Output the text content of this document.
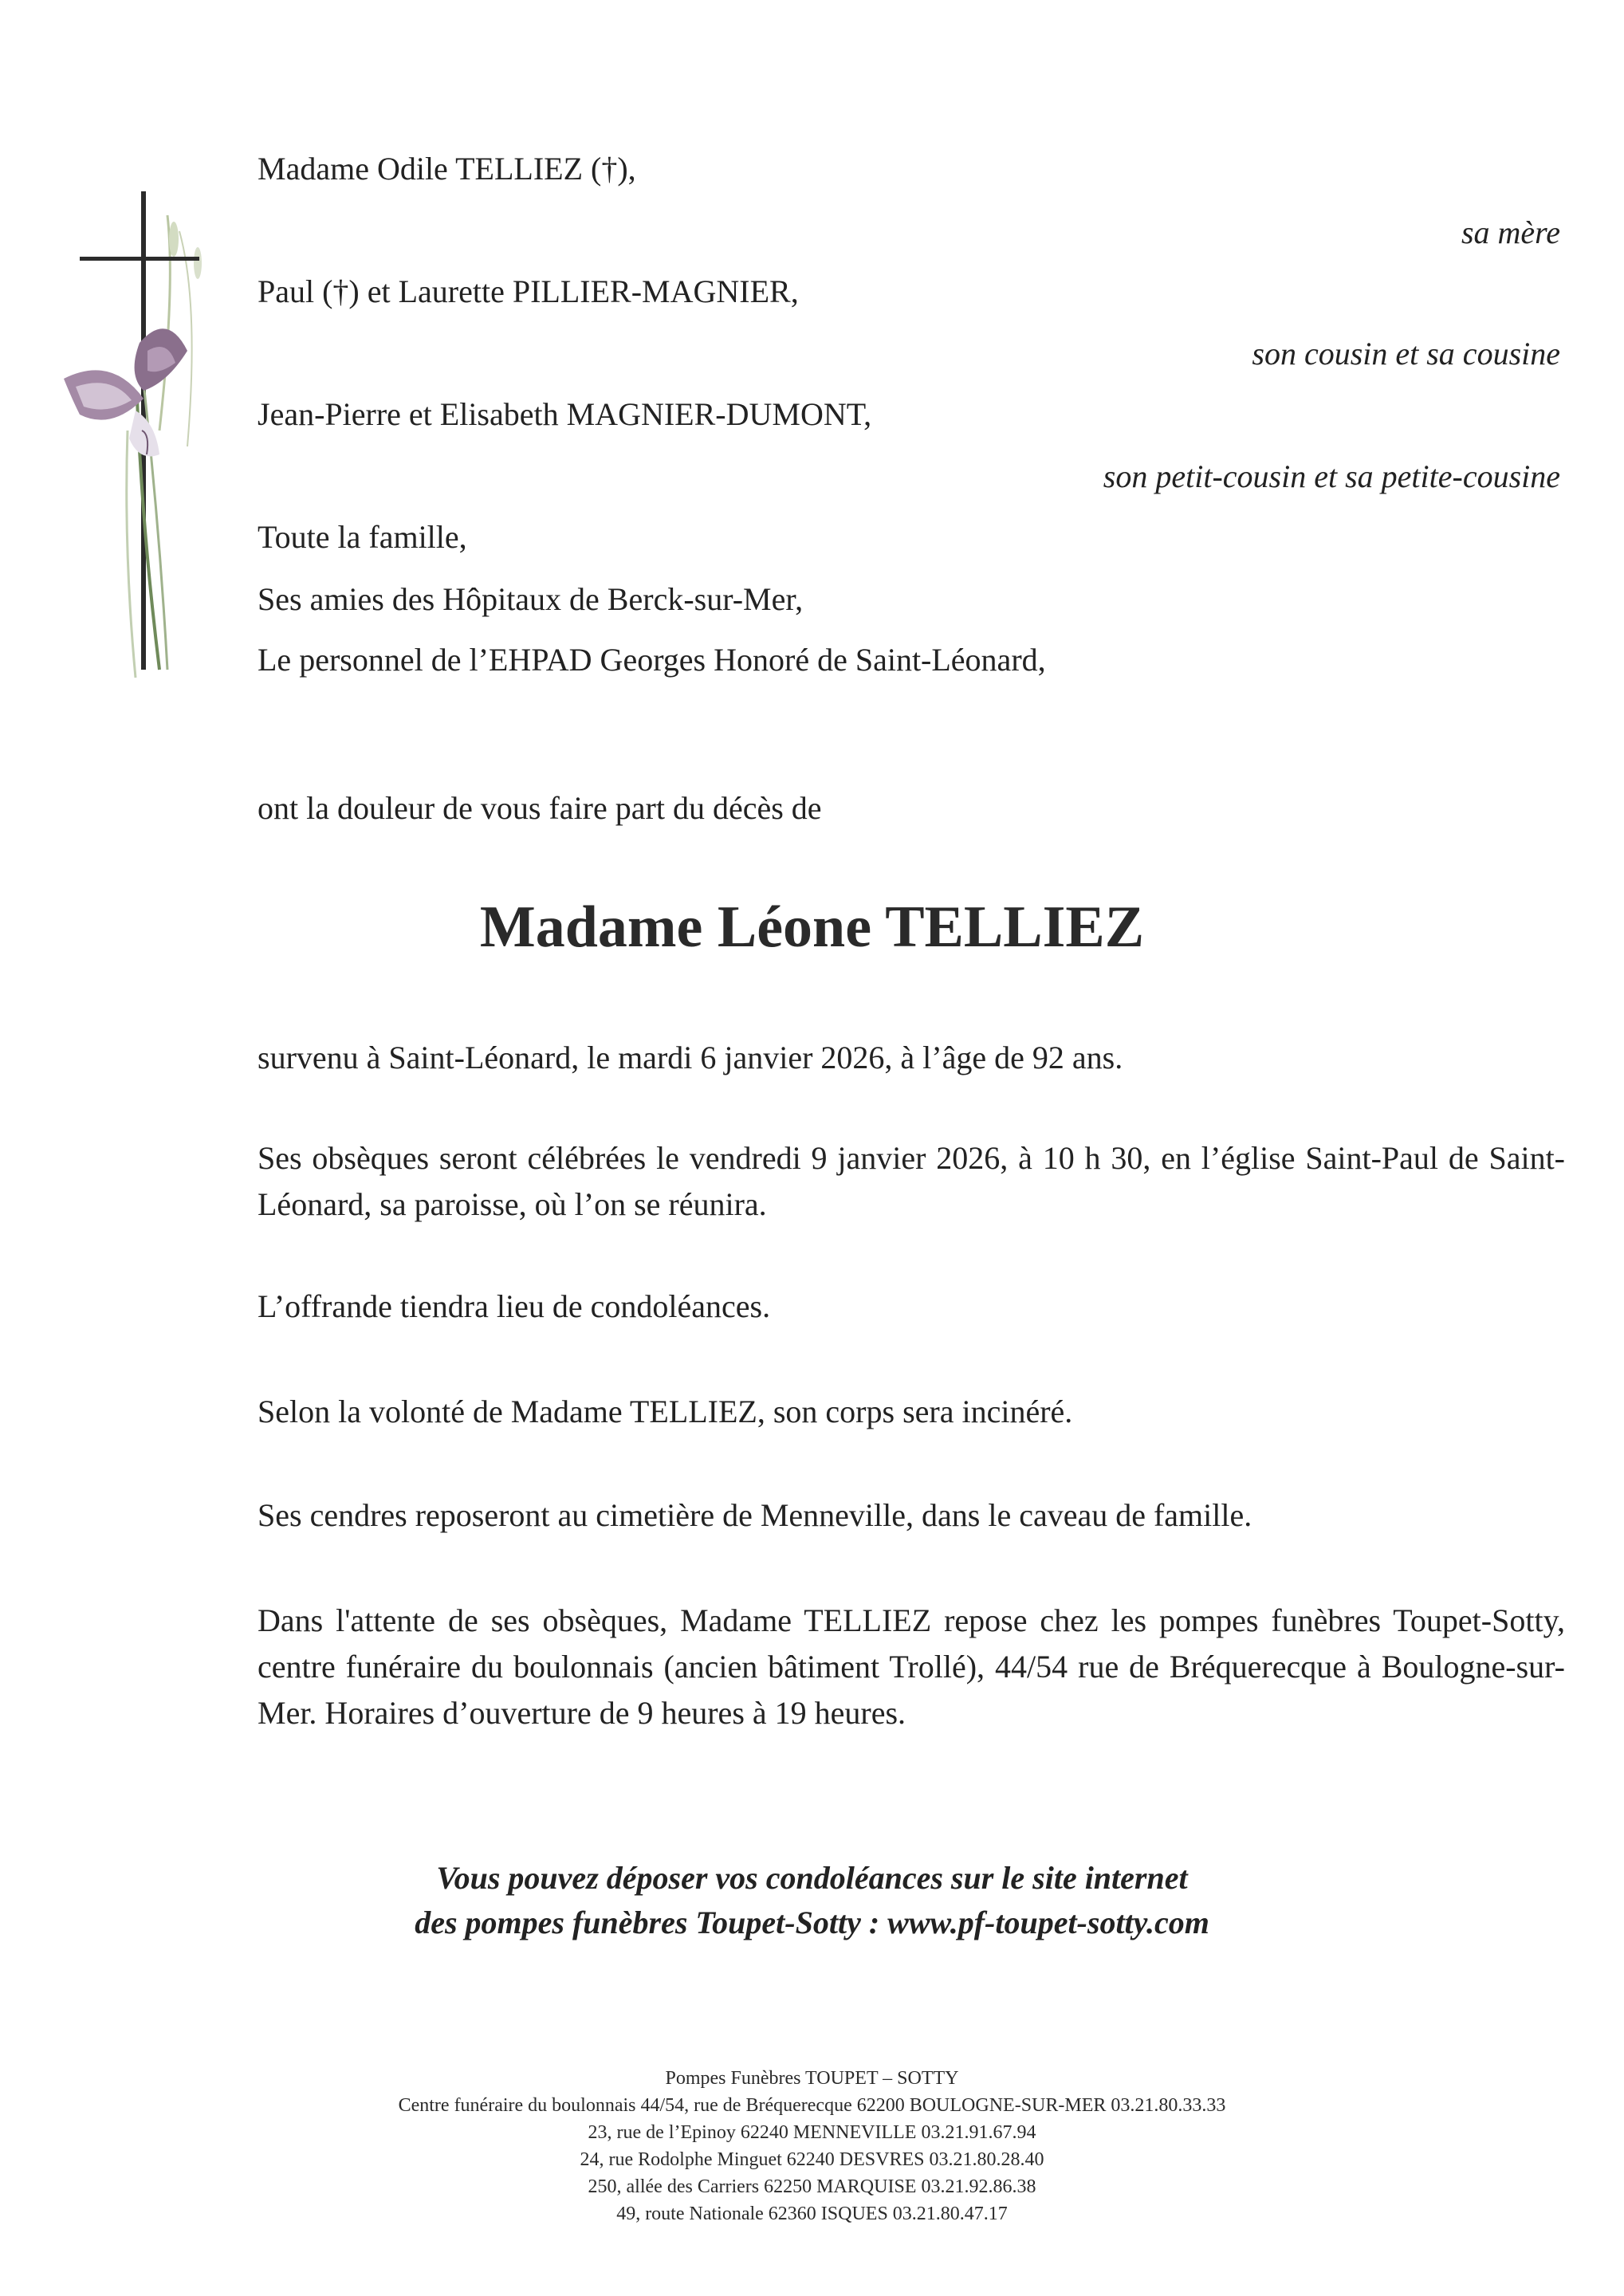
Madame Odile TELLIEZ (†),
sa mère
Paul (†) et Laurette PILLIER-MAGNIER,
son cousin et sa cousine
Jean-Pierre et Elisabeth MAGNIER-DUMONT,
son petit-cousin et sa petite-cousine
Toute la famille,
Ses amies des Hôpitaux de Berck-sur-Mer,
Le personnel de l’EHPAD Georges Honoré de Saint-Léonard,
ont la douleur de vous faire part du décès de
Madame Léone TELLIEZ
survenu à Saint-Léonard, le mardi 6 janvier 2026, à l’âge de 92 ans.
Ses obsèques seront célébrées le vendredi 9 janvier 2026, à 10 h 30, en l’église Saint-Paul de Saint-Léonard, sa paroisse, où l’on se réunira.
L’offrande tiendra lieu de condoléances.
Selon la volonté de Madame TELLIEZ, son corps sera incinéré.
Ses cendres reposeront au cimetière de Menneville, dans le caveau de famille.
Dans l'attente de ses obsèques, Madame TELLIEZ repose chez les pompes funèbres Toupet-Sotty, centre funéraire du boulonnais (ancien bâtiment Trollé), 44/54 rue de Bréquerecque à Boulogne-sur-Mer. Horaires d’ouverture de 9 heures à 19 heures.
Vous pouvez déposer vos condoléances sur le site internet
des pompes funèbres Toupet-Sotty : www.pf-toupet-sotty.com
Pompes Funèbres TOUPET – SOTTY
Centre funéraire du boulonnais 44/54, rue de Bréquerecque 62200 BOULOGNE-SUR-MER 03.21.80.33.33
23, rue de l’Epinoy 62240 MENNEVILLE 03.21.91.67.94
24, rue Rodolphe Minguet 62240 DESVRES 03.21.80.28.40
250, allée des Carriers 62250 MARQUISE 03.21.92.86.38
49, route Nationale 62360 ISQUES 03.21.80.47.17
